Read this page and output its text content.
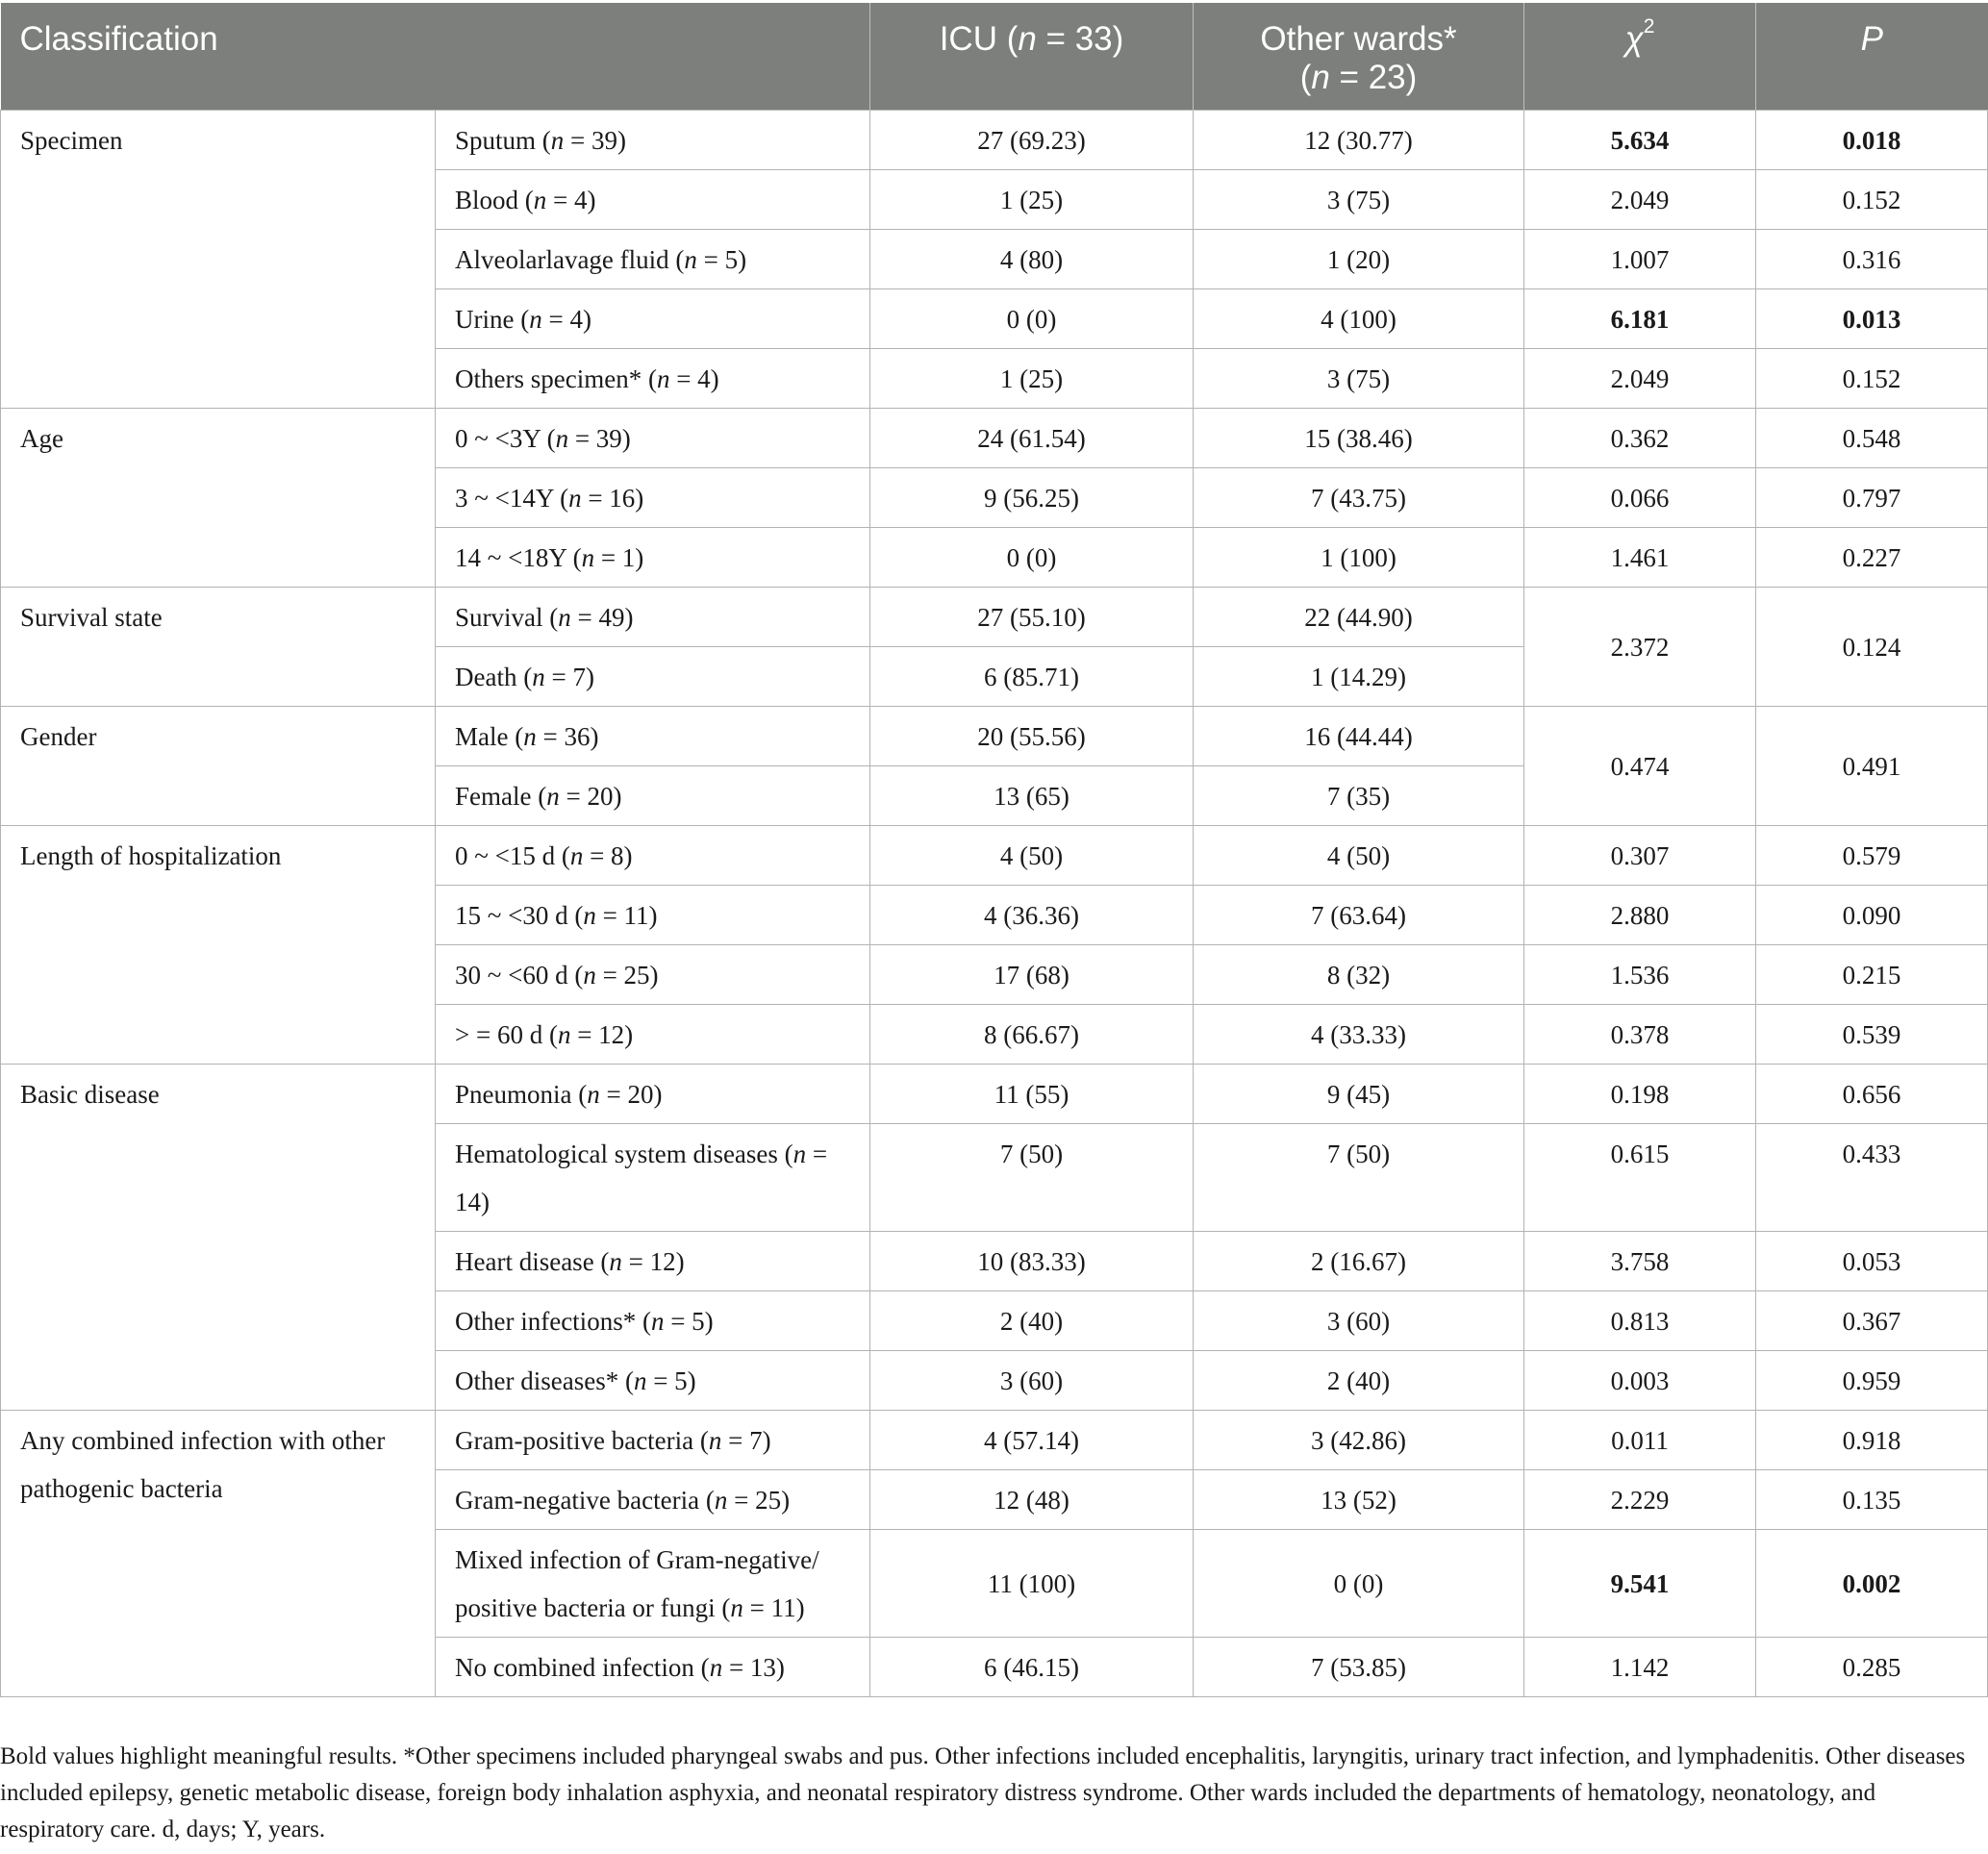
Classification		ICU (n = 33)	Other wards*
(n = 23)	$\chi^2$	P
Specimen	Sputum (n = 39)	27 (69.23)	12 (30.77)	5.634	0.018
	Blood (n = 4)	1 (25)	3 (75)	2.049	0.152
	Alveolarlavage fluid (n = 5)	4 (80)	1 (20)	1.007	0.316
	Urine (n = 4)	0 (0)	4 (100)	6.181	0.013
	Others specimen* (n = 4)	1 (25)	3 (75)	2.049	0.152
Age	0 ~ <3Y (n = 39)	24 (61.54)	15 (38.46)	0.362	0.548
	3 ~ <14Y (n = 16)	9 (56.25)	7 (43.75)	0.066	0.797
	14 ~ <18Y (n = 1)	0 (0)	1 (100)	1.461	0.227
Survival state	Survival (n = 49)	27 (55.10)	22 (44.90)	2.372	0.124
	Death (n = 7)	6 (85.71)	1 (14.29)		
Gender	Male (n = 36)	20 (55.56)	16 (44.44)	0.474	0.491
	Female (n = 20)	13 (65)	7 (35)		
Length of hospitalization	0 ~ <15 d (n = 8)	4 (50)	4 (50)	0.307	0.579
	15 ~ <30 d (n = 11)	4 (36.36)	7 (63.64)	2.880	0.090
	30 ~ <60 d (n = 25)	17 (68)	8 (32)	1.536	0.215
	> = 60 d (n = 12)	8 (66.67)	4 (33.33)	0.378	0.539
Basic disease	Pneumonia (n = 20)	11 (55)	9 (45)	0.198	0.656
	Hematological system diseases (n = 14)	7 (50)	7 (50)	0.615	0.433
	Heart disease (n = 12)	10 (83.33)	2 (16.67)	3.758	0.053
	Other infections* (n = 5)	2 (40)	3 (60)	0.813	0.367
	Other diseases* (n = 5)	3 (60)	2 (40)	0.003	0.959
Any combined infection with other pathogenic bacteria	Gram-positive bacteria (n = 7)	4 (57.14)	3 (42.86)	0.011	0.918
	Gram-negative bacteria (n = 25)	12 (48)	13 (52)	2.229	0.135
	Mixed infection of Gram-negative/ positive bacteria or fungi (n = 11)	11 (100)	0 (0)	9.541	0.002
	No combined infection (n = 13)	6 (46.15)	7 (53.85)	1.142	0.285
Bold values highlight meaningful results. *Other specimens included pharyngeal swabs and pus. Other infections included encephalitis, laryngitis, urinary tract infection, and lymphadenitis. Other diseases included epilepsy, genetic metabolic disease, foreign body inhalation asphyxia, and neonatal respiratory distress syndrome. Other wards included the departments of hematology, neonatology, and respiratory care. d, days; Y, years.
